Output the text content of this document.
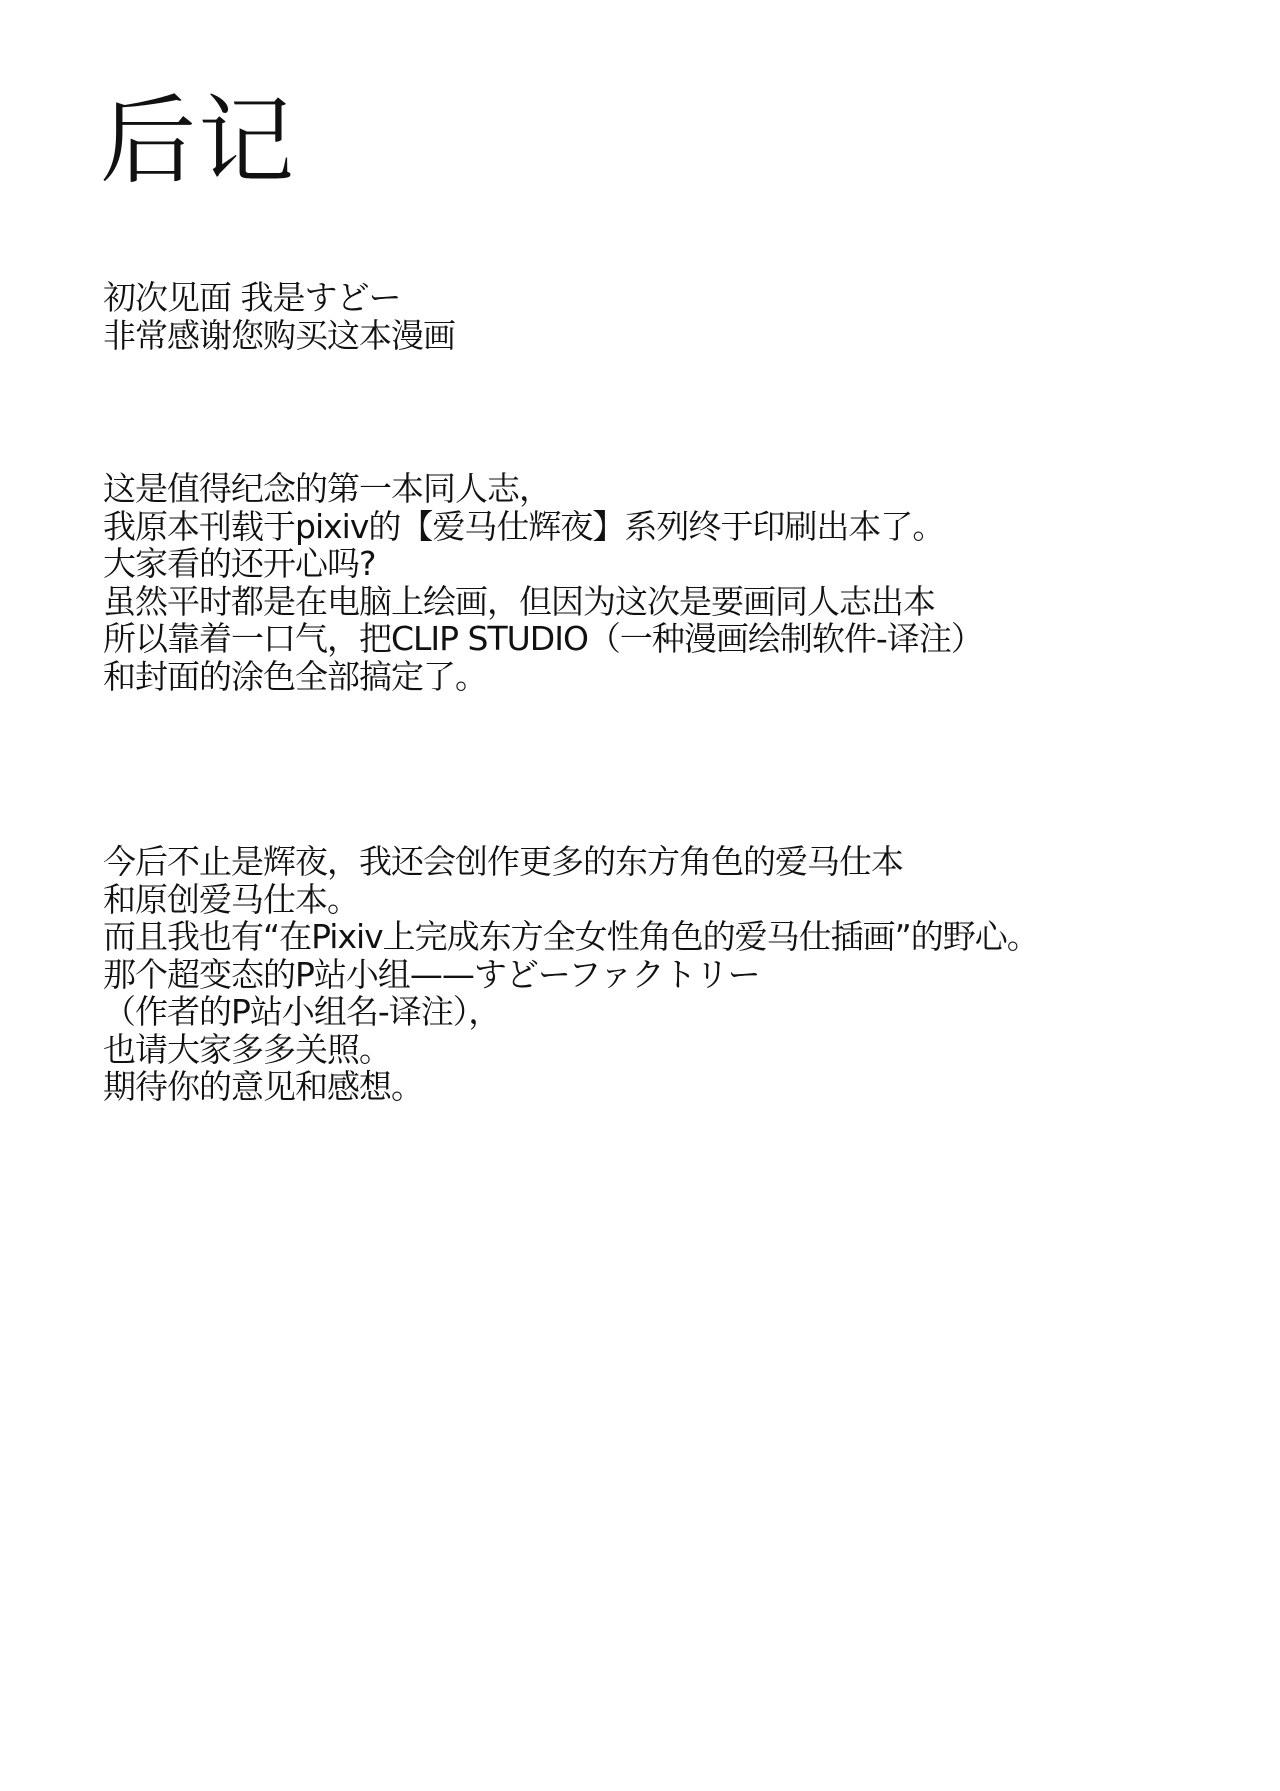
后记
初次见面 我是すどー
非常感谢您购买这本漫画
这是值得纪念的第一本同人志，
我原本刊载于pixiv的【爱马仕辉夜】系列终于印刷出本了。
大家看的还开心吗?
虽然平时都是在电脑上绘画，但因为这次是要画同人志出本
所以靠着一口气，把CLIP STUDIO（一种漫画绘制软件-译注）
和封面的涂色全部搞定了。
今后不止是辉夜，我还会创作更多的东方角色的爱马仕本
和原创爱马仕本。
而且我也有“在Pixiv上完成东方全女性角色的爱马仕插画”的野心。
那个超变态的P站小组——すどーファクトリー
（作者的P站小组名-译注），
也请大家多多关照。
期待你的意见和感想。
